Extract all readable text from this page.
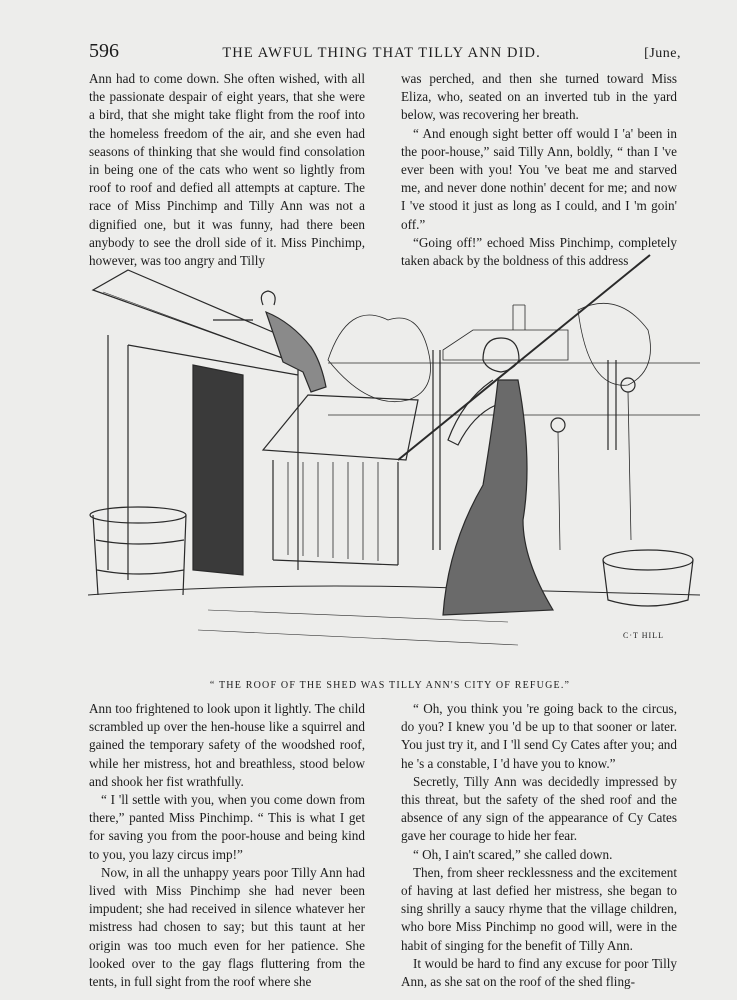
596	THE AWFUL THING THAT TILLY ANN DID.	[June,

Ann had to come down. She often wished, with all the passionate despair of eight years, that she were a bird, that she might take flight from the roof into the homeless freedom of the air, and she even had seasons of thinking that she would find consolation in being one of the cats who went so lightly from roof to roof and defied all attempts at capture. The race of Miss Pinchimp and Tilly Ann was not a dignified one, but it was funny, had there been anybody to see the droll side of it. Miss Pinchimp, however, was too angry and Tilly

was perched, and then she turned toward Miss Eliza, who, seated on an inverted tub in the yard below, was recovering her breath.

“ And enough sight better off would I 'a' been in the poor-house,” said Tilly Ann, boldly, “ than I 've ever been with you! You 've beat me and starved me, and never done nothin' decent for me; and now I 've stood it just as long as I could, and I 'm goin' off.”

“Going off!” echoed Miss Pinchimp, completely taken aback by the boldness of this address

C·T HILL
“ THE ROOF OF THE SHED WAS TILLY ANN'S CITY OF REFUGE.”

Ann too frightened to look upon it lightly. The child scrambled up over the hen-house like a squirrel and gained the temporary safety of the woodshed roof, while her mistress, hot and breathless, stood below and shook her fist wrathfully.

“ I 'll settle with you, when you come down from there,” panted Miss Pinchimp. “ This is what I get for saving you from the poor-house and being kind to you, you lazy circus imp!”

Now, in all the unhappy years poor Tilly Ann had lived with Miss Pinchimp she had never been impudent; she had received in silence whatever her mistress had chosen to say; but this taunt at her origin was too much even for her patience. She looked over to the gay flags fluttering from the tents, in full sight from the roof where she

“ Oh, you think you 're going back to the circus, do you? I knew you 'd be up to that sooner or later. You just try it, and I 'll send Cy Cates after you; and he 's a constable, I 'd have you to know.”

Secretly, Tilly Ann was decidedly impressed by this threat, but the safety of the shed roof and the absence of any sign of the appearance of Cy Cates gave her courage to hide her fear.

“ Oh, I ain't scared,” she called down.

Then, from sheer recklessness and the excitement of having at last defied her mistress, she began to sing shrilly a saucy rhyme that the village children, who bore Miss Pinchimp no good will, were in the habit of singing for the benefit of Tilly Ann.

It would be hard to find any excuse for poor Tilly Ann, as she sat on the roof of the shed fling-
